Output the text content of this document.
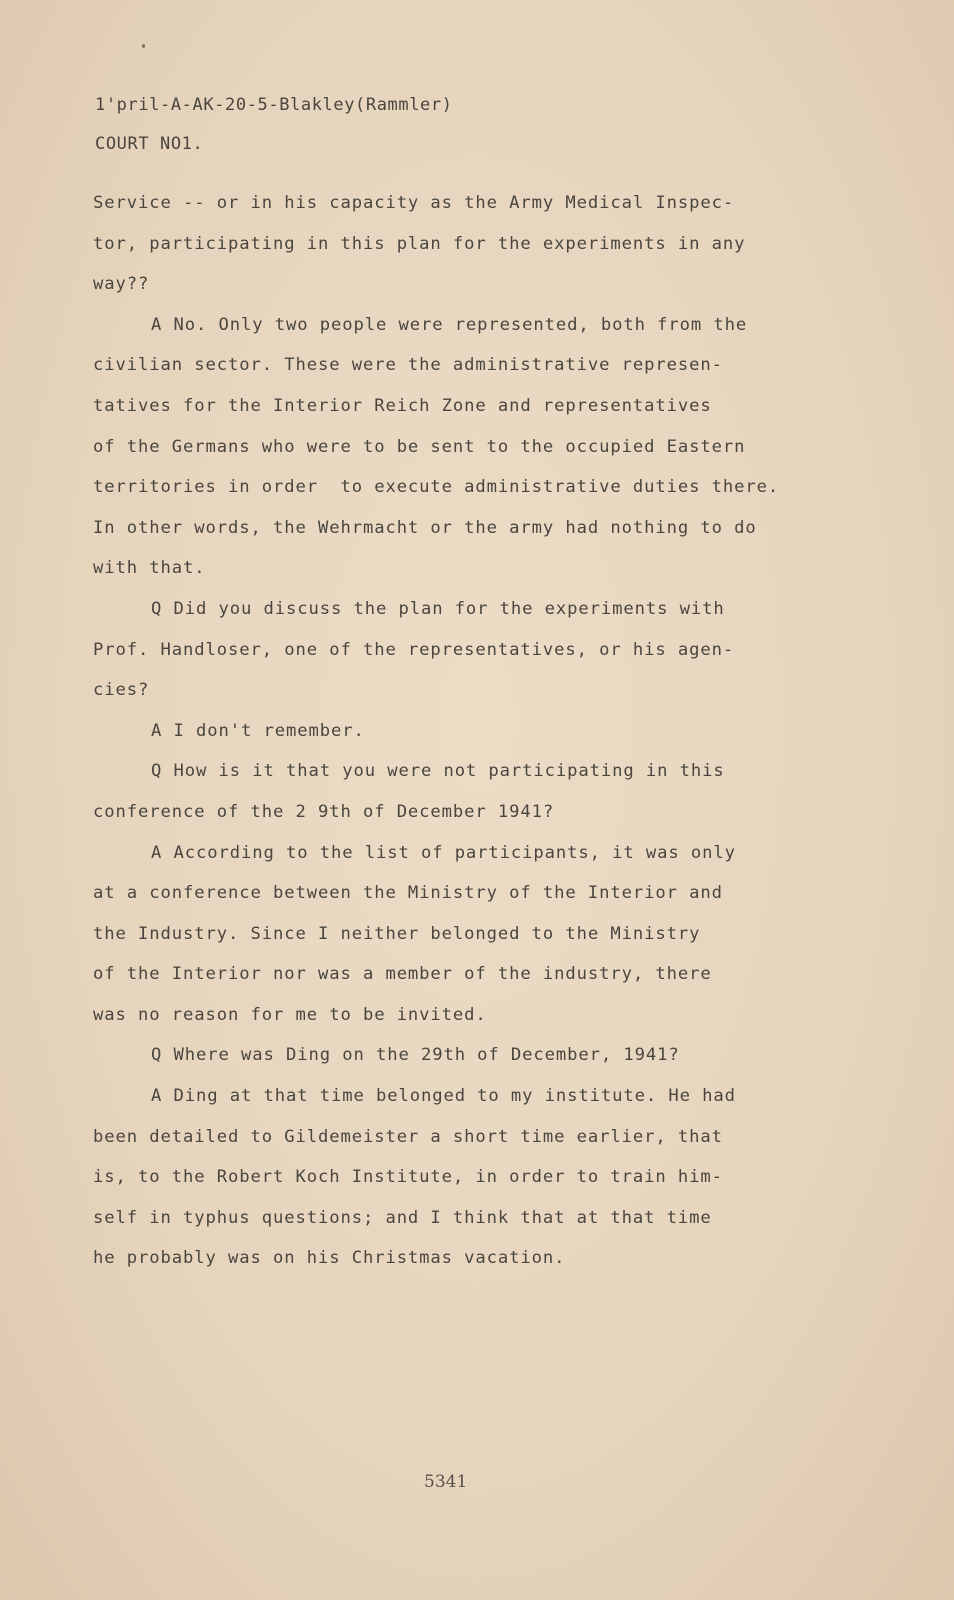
1'pril-A-AK-20-5-Blakley(Rammler)
COURT NO1.
Service -- or in his capacity as the Army Medical Inspec-
tor, participating in this plan for the experiments in any
way??
A No. Only two people were represented, both from the
civilian sector. These were the administrative represen-
tatives for the Interior Reich Zone and representatives
of the Germans who were to be sent to the occupied Eastern
territories in order  to execute administrative duties there.
In other words, the Wehrmacht or the army had nothing to do
with that.
Q Did you discuss the plan for the experiments with
Prof. Handloser, one of the representatives, or his agen-
cies?
A I don't remember.
Q How is it that you were not participating in this
conference of the 2 9th of December 1941?
A According to the list of participants, it was only
at a conference between the Ministry of the Interior and
the Industry. Since I neither belonged to the Ministry
of the Interior nor was a member of the industry, there
was no reason for me to be invited.
Q Where was Ding on the 29th of December, 1941?
A Ding at that time belonged to my institute. He had
been detailed to Gildemeister a short time earlier, that
is, to the Robert Koch Institute, in order to train him-
self in typhus questions; and I think that at that time
he probably was on his Christmas vacation.
5341
